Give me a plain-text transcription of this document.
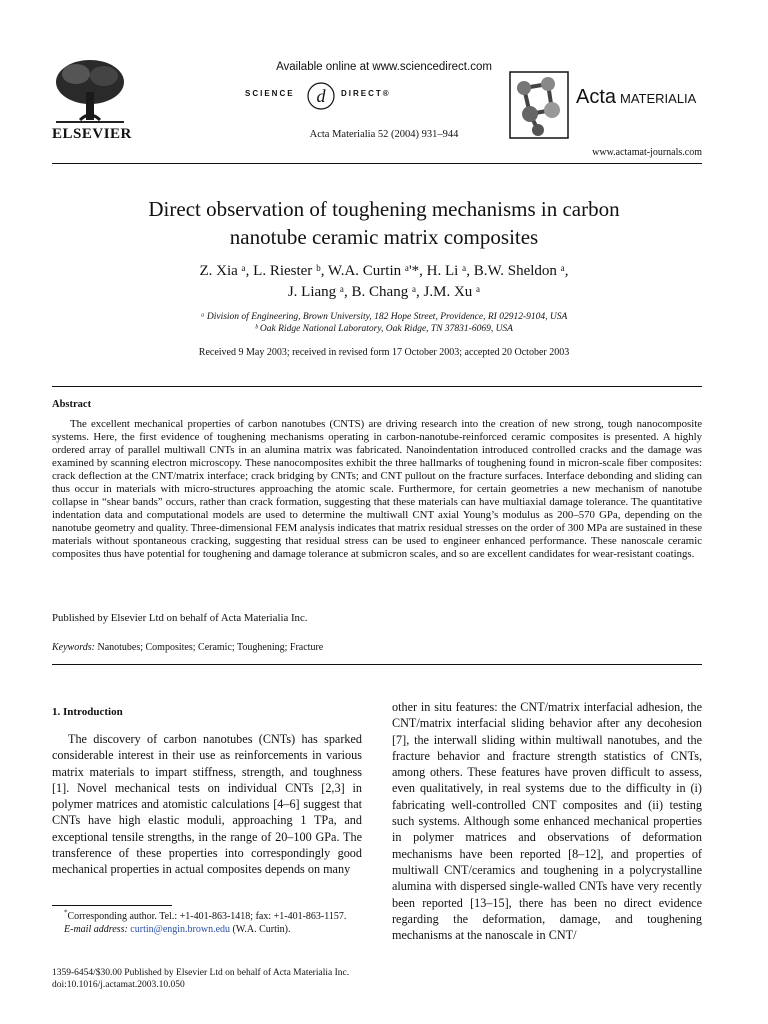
ELSEVIER
Available online at www.sciencedirect.com
SCIENCE d DIRECT®
Acta Materialia 52 (2004) 931–944
Acta MATERIALIA
www.actamat-journals.com
Direct observation of toughening mechanisms in carbon
nanotube ceramic matrix composites
Z. Xia ᵃ, L. Riester ᵇ, W.A. Curtin ᵃ'*, H. Li ᵃ, B.W. Sheldon ᵃ,
J. Liang ᵃ, B. Chang ᵃ, J.M. Xu ᵃ
ᵃ Division of Engineering, Brown University, 182 Hope Street, Providence, RI 02912-9104, USA
ᵇ Oak Ridge National Laboratory, Oak Ridge, TN 37831-6069, USA
Received 9 May 2003; received in revised form 17 October 2003; accepted 20 October 2003
Abstract
The excellent mechanical properties of carbon nanotubes (CNTS) are driving research into the creation of new strong, tough nanocomposite systems. Here, the first evidence of toughening mechanisms operating in carbon-nanotube-reinforced ceramic composites is presented. A highly ordered array of parallel multiwall CNTs in an alumina matrix was fabricated. Nanoindentation introduced controlled cracks and the damage was examined by scanning electron microscopy. These nanocomposites exhibit the three hallmarks of toughening found in micron-scale fiber composites: crack deflection at the CNT/matrix interface; crack bridging by CNTs; and CNT pullout on the fracture surfaces. Interface debonding and sliding can thus occur in materials with micro-structures approaching the atomic scale. Furthermore, for certain geometries a new mechanism of nanotube collapse in “shear bands” occurs, rather than crack formation, suggesting that these materials can have multiaxial damage tolerance. The quantitative indentation data and computational models are used to determine the multiwall CNT axial Young’s modulus as 200–570 GPa, depending on the nanotube geometry and quality. Three-dimensional FEM analysis indicates that matrix residual stresses on the order of 300 MPa are sustained in these materials without spontaneous cracking, suggesting that residual stress can be used to engineer enhanced performance. These nanoscale ceramic composites thus have potential for toughening and damage tolerance at submicron scales, and so are excellent candidates for wear-resistant coatings.
Published by Elsevier Ltd on behalf of Acta Materialia Inc.
Keywords: Nanotubes; Composites; Ceramic; Toughening; Fracture
1. Introduction
The discovery of carbon nanotubes (CNTs) has sparked considerable interest in their use as reinforcements in various matrix materials to impart stiffness, strength, and toughness [1]. Novel mechanical tests on individual CNTs [2,3] in polymer matrices and atomistic calculations [4–6] suggest that CNTs have high elastic moduli, approaching 1 TPa, and exceptional tensile strengths, in the range of 20–100 GPa. The transference of these properties into correspondingly good mechanical properties in actual composites depends on many
other in situ features: the CNT/matrix interfacial adhesion, the CNT/matrix interfacial sliding behavior after any decohesion [7], the interwall sliding within multiwall nanotubes, and the fracture behavior and fracture strength statistics of CNTs, among others. These features have proven difficult to assess, even qualitatively, in real systems due to the difficulty in (i) fabricating well-controlled CNT composites and (ii) testing such systems. Although some enhanced mechanical properties in polymer matrices and observations of deformation mechanisms have been reported [8–12], and properties of multiwall CNT/ceramics and toughening in a polycrystalline alumina with dispersed single-walled CNTs have very recently been reported [13–15], there has been no direct evidence regarding the deformation, damage, and toughening mechanisms at the nanoscale in CNT/
*Corresponding author. Tel.: +1-401-863-1418; fax: +1-401-863-1157.
E-mail address: curtin@engin.brown.edu (W.A. Curtin).
1359-6454/$30.00 Published by Elsevier Ltd on behalf of Acta Materialia Inc.
doi:10.1016/j.actamat.2003.10.050
